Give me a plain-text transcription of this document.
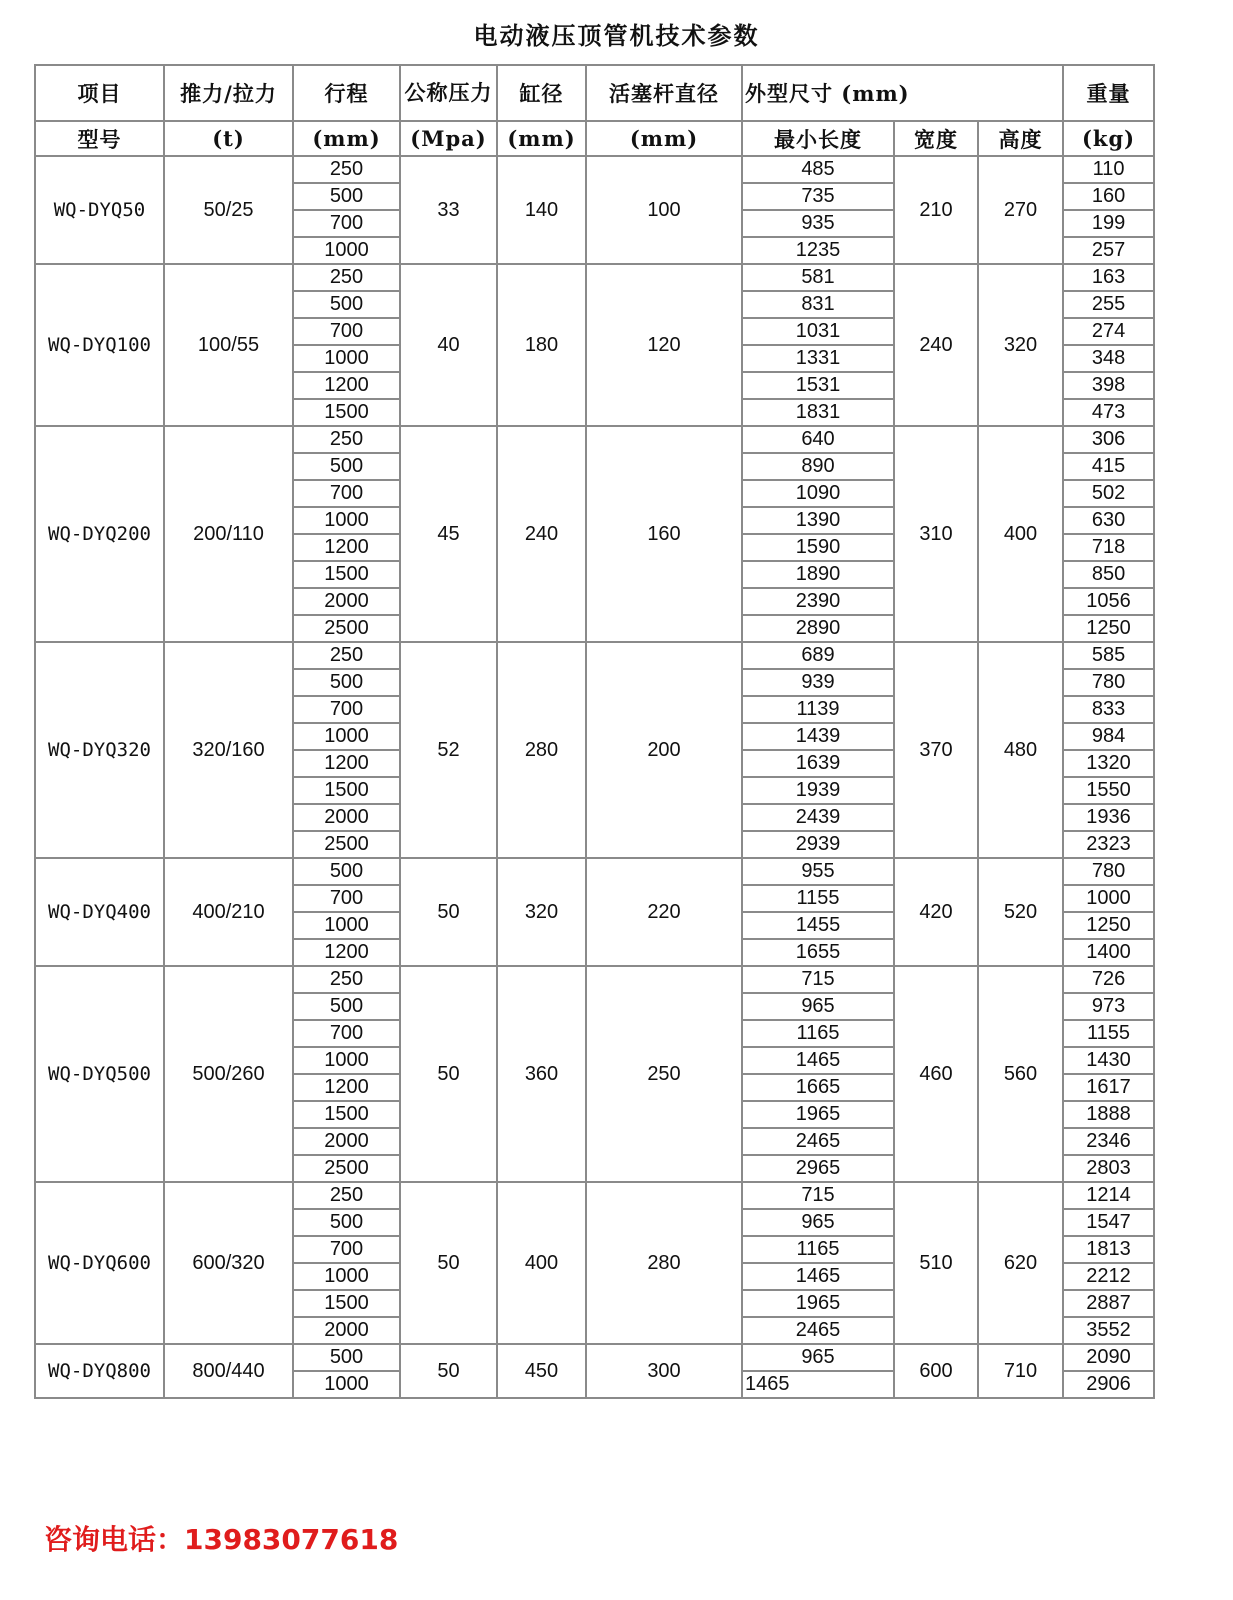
电动液压顶管机技术参数
项目	推力/拉力	行程	公称压力	缸径	活塞杆直径	外型尺寸 (mm)			重量
型号	(t)	(mm)	(Mpa)	(mm)	(mm)	最小长度	宽度	高度	(kg)
WQ-DYQ50	50/25	250	33	140	100	485	210	270	110
		500				735			160
		700				935			199
		1000				1235			257
WQ-DYQ100	100/55	250	40	180	120	581	240	320	163
		500				831			255
		700				1031			274
		1000				1331			348
		1200				1531			398
		1500				1831			473
WQ-DYQ200	200/110	250	45	240	160	640	310	400	306
		500				890			415
		700				1090			502
		1000				1390			630
		1200				1590			718
		1500				1890			850
		2000				2390			1056
		2500				2890			1250
WQ-DYQ320	320/160	250	52	280	200	689	370	480	585
		500				939			780
		700				1139			833
		1000				1439			984
		1200				1639			1320
		1500				1939			1550
		2000				2439			1936
		2500				2939			2323
WQ-DYQ400	400/210	500	50	320	220	955	420	520	780
		700				1155			1000
		1000				1455			1250
		1200				1655			1400
WQ-DYQ500	500/260	250	50	360	250	715	460	560	726
		500				965			973
		700				1165			1155
		1000				1465			1430
		1200				1665			1617
		1500				1965			1888
		2000				2465			2346
		2500				2965			2803
WQ-DYQ600	600/320	250	50	400	280	715	510	620	1214
		500				965			1547
		700				1165			1813
		1000				1465			2212
		1500				1965			2887
		2000				2465			3552
WQ-DYQ800	800/440	500	50	450	300	965	600	710	2090
		1000				1465			2906
咨询电话：13983077618
